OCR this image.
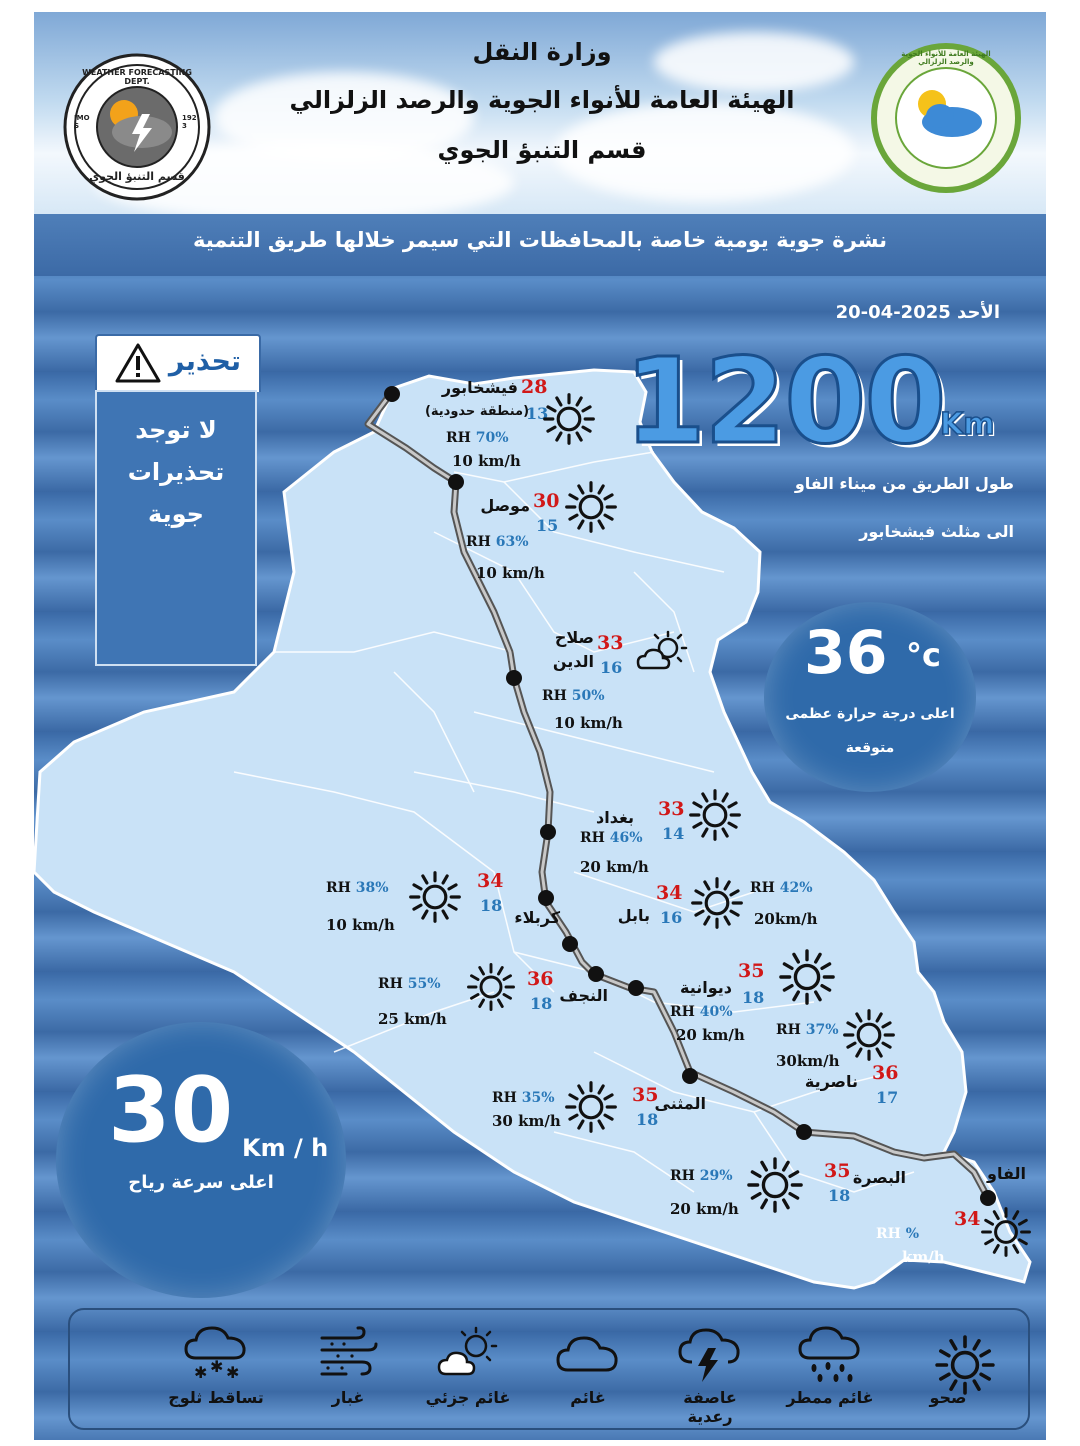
WEATHER FORECASTING DEPT.
قسم التنبؤ الجوي
IMOS
1923
الهيئة العامة للأنواء الجوية والرصد الزلزالي
وزارة النقل
الهيئة العامة للأنواء الجوية والرصد الزلزالي
قسم التنبؤ الجوي
نشرة جوية يومية خاصة بالمحافظات التي سيمر خلالها طريق التنمية
الأحد 2025-04-20
1200
Km
طول الطريق من ميناء الفاو
الى مثلث فيشخابور
تحذير
لا توجد
تحذيرات
جوية
36 °c
اعلى درجة حرارة عظمى
متوقعة
30 Km / h
اعلى سرعة رياح
فيشخابور
(منطقة حدودية)
28
13
RH 70%
10 km/h
موصل 30
15
RH 63%
10 km/h
صلاح
الدين
33
16
RH 50%
10 km/h
بغداد 33
14
RH 46%
20 km/h
كربلاء
34
18
RH 38%
10 km/h	بابل
34
16
RH 42%
20km/h
النجف
36
18
RH 55%
25 km/h
ديوانية
35
18
RH 40%
20 km/h
ناصرية 36
17
RH 37%
30km/h
المثنى
35
18
RH 35%
30 km/h
البصرة
35
18
RH 29%
20 km/h
الفاو
34
RH %
km/h
صحو
غائم ممطر
عاصفة رعدية
غائم
غائم جزئي
غبار
✱ ✱ ✱
تساقط ثلوج
